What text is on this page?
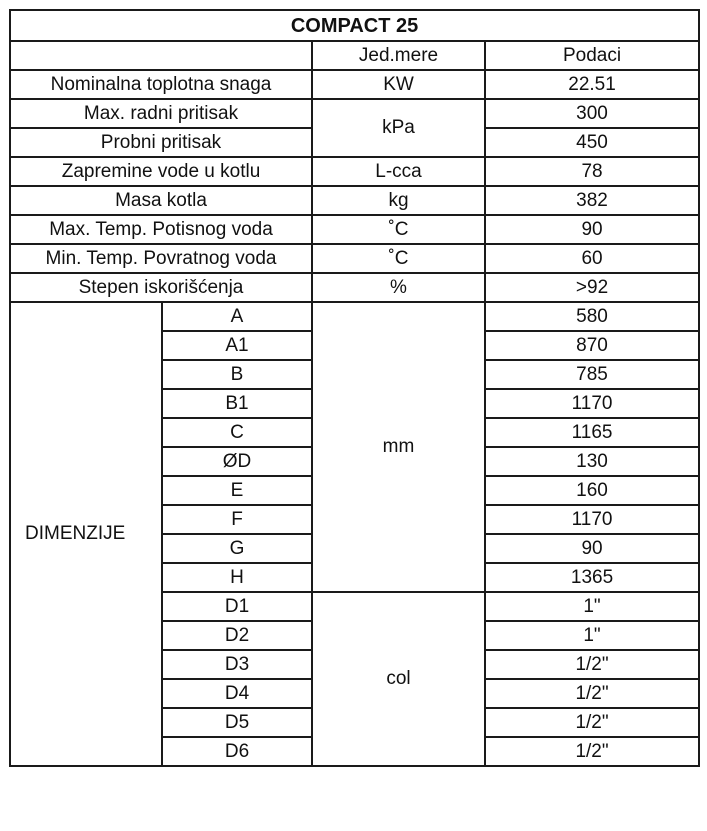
COMPACT 25			
		Jed.mere	Podaci
Nominalna toplotna snaga		KW	22.51
Max. radni pritisak		kPa	300
Probni pritisak			450
Zapremine vode u kotlu		L-cca	78
Masa kotla		kg	382
Max. Temp. Potisnog voda		˚C	90
Min. Temp. Povratnog voda		˚C	60
Stepen iskorišćenja		%	>92
DIMENZIJE	A	mm	580
	A1		870
	B		785
	B1		1170
	C		1165
	ØD		130
	E		160
	F		1170
	G		90
	H		1365
	D1	col	1"
	D2		1"
	D3		1/2"
	D4		1/2"
	D5		1/2"
	D6		1/2"
